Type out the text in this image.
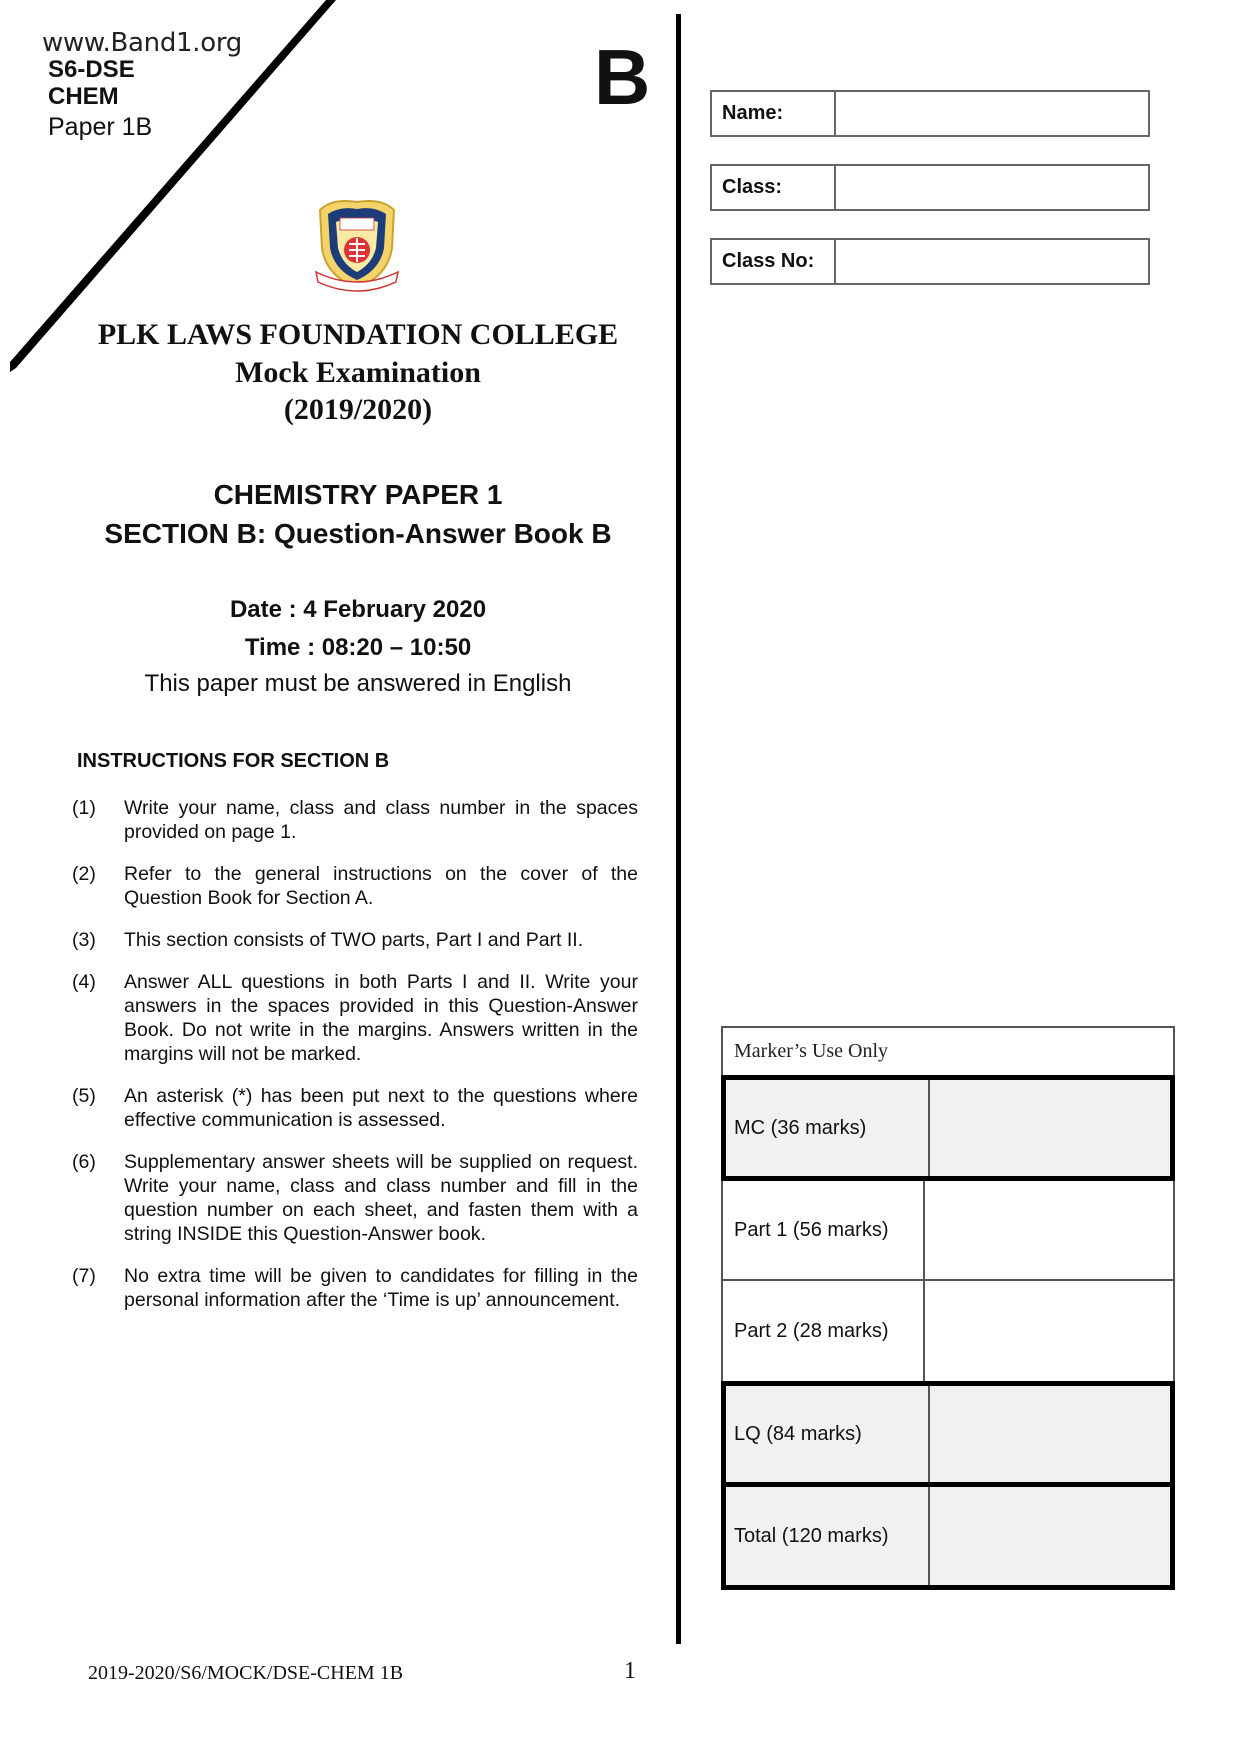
www.Band1.org
S6-DSE
CHEM
Paper 1B
B
PLK LAWS FOUNDATION COLLEGE
Mock Examination
(2019/2020)
CHEMISTRY PAPER 1
SECTION B: Question-Answer Book B
Date : 4 February 2020
Time : 08:20 – 10:50
This paper must be answered in English
INSTRUCTIONS FOR SECTION B
(1)	Write your name, class and class number in the spaces provided on page 1.
(2)	Refer to the general instructions on the cover of the Question Book for Section A.
(3)	This section consists of TWO parts, Part I and Part II.
(4)	Answer ALL questions in both Parts I and II. Write your answers in the spaces provided in this Question-Answer Book. Do not write in the margins. Answers written in the margins will not be marked.
(5)	An asterisk (*) has been put next to the questions where effective communication is assessed.
(6)	Supplementary answer sheets will be supplied on request. Write your name, class and class number and fill in the question number on each sheet, and fasten them with a string INSIDE this Question-Answer book.
(7)	No extra time will be given to candidates for filling in the personal information after the ‘Time is up’ announcement.
Name:
Class:
Class No:
Marker’s Use Only
MC (36 marks)
Part 1 (56 marks)
Part 2 (28 marks)
LQ (84 marks)
Total (120 marks)
2019-2020/S6/MOCK/DSE-CHEM 1B	1
